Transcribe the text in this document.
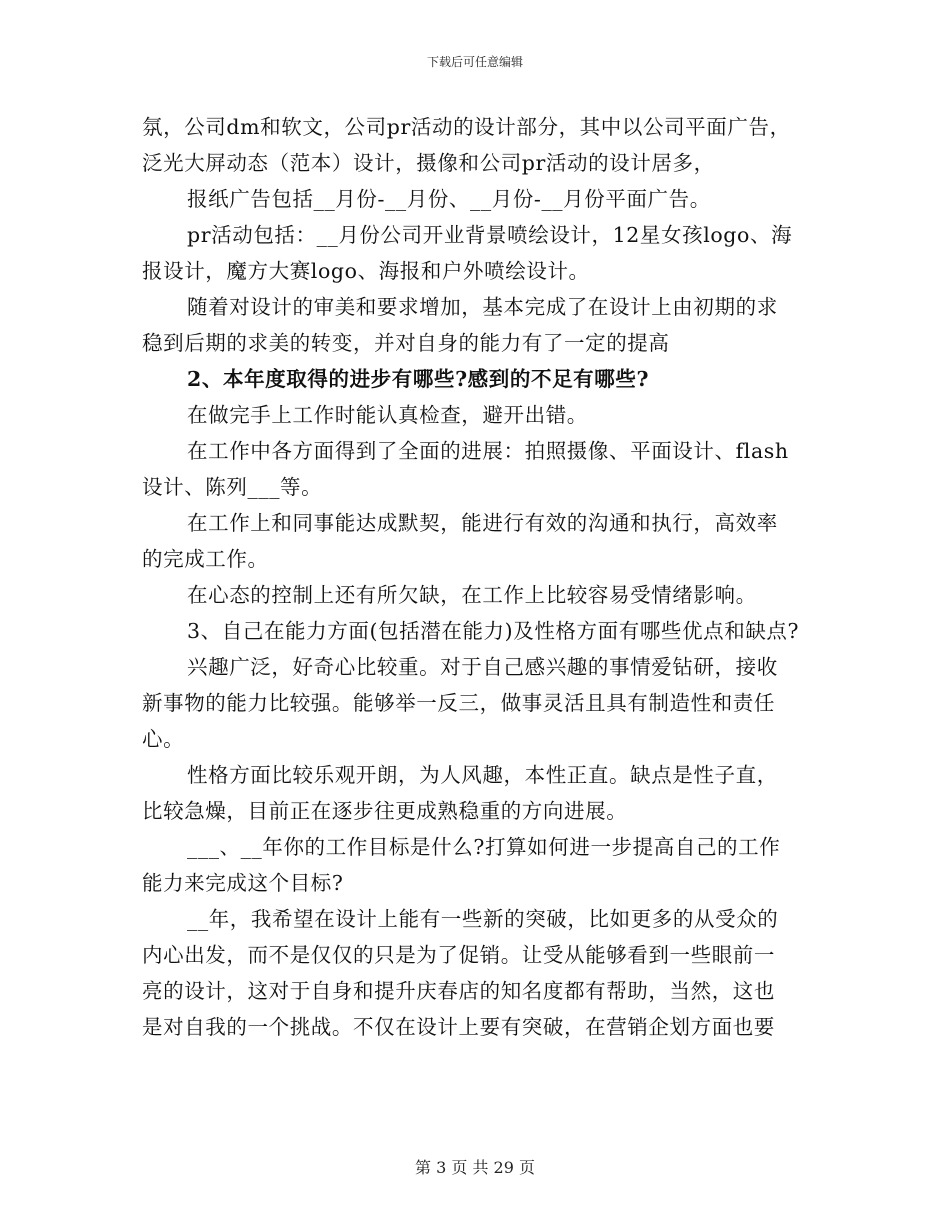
下载后可任意编辑
氛，公司dm和软文，公司pr活动的设计部分，其中以公司平面广告，
泛光大屏动态（范本）设计，摄像和公司pr活动的设计居多，
报纸广告包括__月份-__月份、__月份-__月份平面广告。
pr活动包括：__月份公司开业背景喷绘设计，12星女孩logo、海
报设计，魔方大赛logo、海报和户外喷绘设计。
随着对设计的审美和要求增加，基本完成了在设计上由初期的求
稳到后期的求美的转变，并对自身的能力有了一定的提高
2、本年度取得的进步有哪些?感到的不足有哪些?
在做完手上工作时能认真检查，避开出错。
在工作中各方面得到了全面的进展：拍照摄像、平面设计、flash
设计、陈列___等。
在工作上和同事能达成默契，能进行有效的沟通和执行，高效率
的完成工作。
在心态的控制上还有所欠缺，在工作上比较容易受情绪影响。
3、自己在能力方面(包括潜在能力)及性格方面有哪些优点和缺点?
兴趣广泛，好奇心比较重。对于自己感兴趣的事情爱钻研，接收
新事物的能力比较强。能够举一反三，做事灵活且具有制造性和责任
心。
性格方面比较乐观开朗，为人风趣，本性正直。缺点是性子直，
比较急燥，目前正在逐步往更成熟稳重的方向进展。
___、__年你的工作目标是什么?打算如何进一步提高自己的工作
能力来完成这个目标?
__年，我希望在设计上能有一些新的突破，比如更多的从受众的
内心出发，而不是仅仅的只是为了促销。让受从能够看到一些眼前一
亮的设计，这对于自身和提升庆春店的知名度都有帮助，当然，这也
是对自我的一个挑战。不仅在设计上要有突破，在营销企划方面也要
第 3 页 共 29 页
